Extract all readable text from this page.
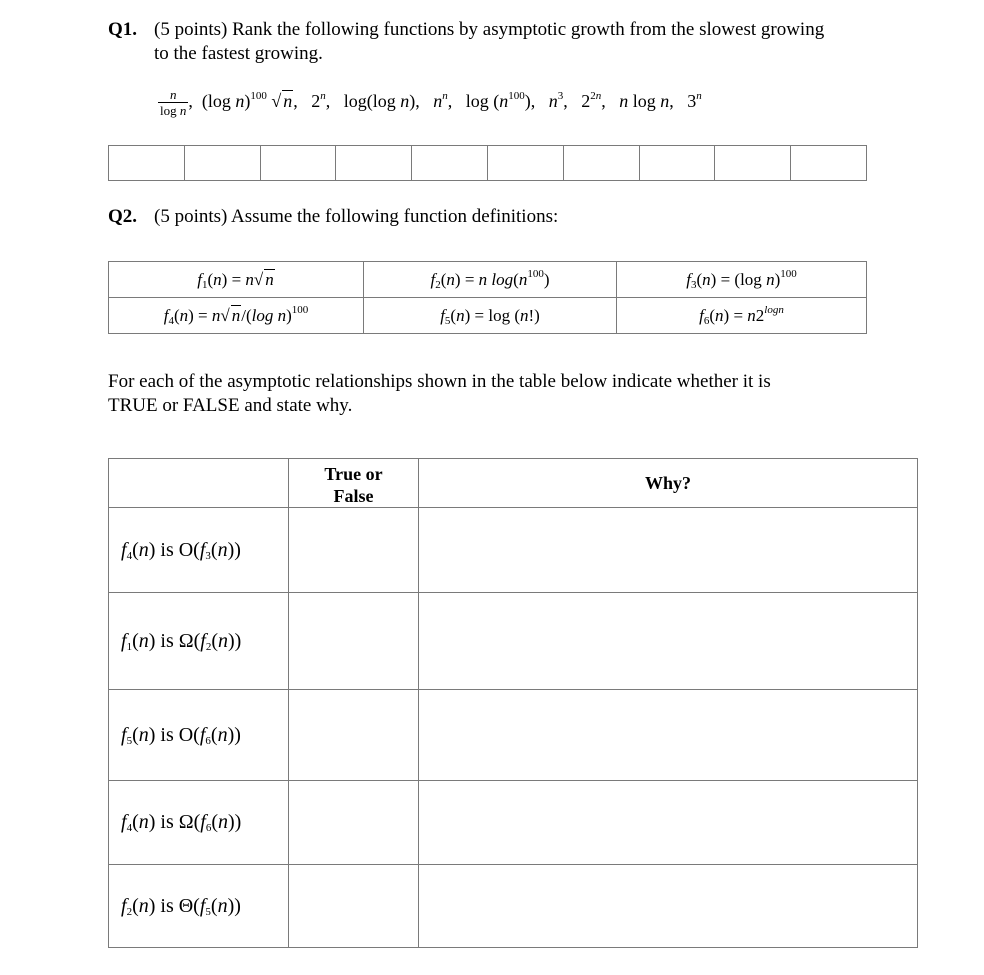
Q1. (5 points) Rank the following functions by asymptotic growth from the slowest growing
to the fastest growing.
$\frac{n}{\text{log n}}$ ,  (log n)$^{100}$ √ n, 2$^n$, log(log n), $n^n$, $\log (n^{100})$, $n^3$, $2^{2n}$, n log n, 3$^n$

Q2. (5 points) Assume the following function definitions:
$f_1(n) = n√$ n	$f_2(n) = n$ $\log(n^{100})$	$f_3(n) = (\log$ n)$^{100}$
$f_4(n) = n√$ n/(log n)$^{100}$	$f_5(n) = \log (n!)$	$f_6(n) = n2^{logn}$
For each of the asymptotic relationships shown in the table below indicate whether it is
TRUE or FALSE and state why.

	True or
False	Why?
$f_4(n)$ is $O(f_3(n))$		
$f_1(n)$ is $\Omega(f_2(n))$		
$f_5(n)$ is $O(f_6(n))$		
$f_4(n)$ is $\Omega(f_6(n))$		
$f_2(n)$ is $\Theta(f_5(n))$		
